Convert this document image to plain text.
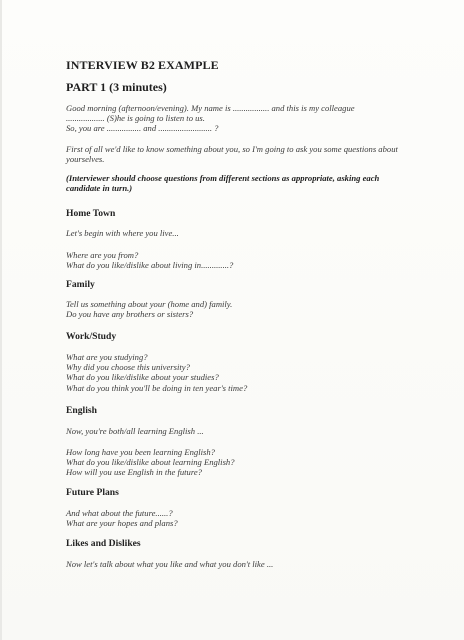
INTERVIEW B2 EXAMPLE
PART 1 (3 minutes)
Good morning (afternoon/evening). My name is ................. and this is my colleague
.................. (S)he is going to listen to us.
So, you are ................ and ......................... ?
First of all we'd like to know something about you, so I'm going to ask you some questions about yourselves.
(Interviewer should choose questions from different sections as appropriate, asking each candidate in turn.)
Home Town
Let's begin with where you live...
Where are you from?
What do you like/dislike about living in.............?
Family
Tell us something about your (home and) family.
Do you have any brothers or sisters?
Work/Study
What are you studying?
Why did you choose this university?
What do you like/dislike about your studies?
What do you think you'll be doing in ten year's time?
English
Now, you're both/all learning English ...
How long have you been learning English?
What do you like/dislike about learning English?
How will you use English in the future?
Future Plans
And what about the future......?
What are your hopes and plans?
Likes and Dislikes
Now let's talk about what you like and what you don't like ...
